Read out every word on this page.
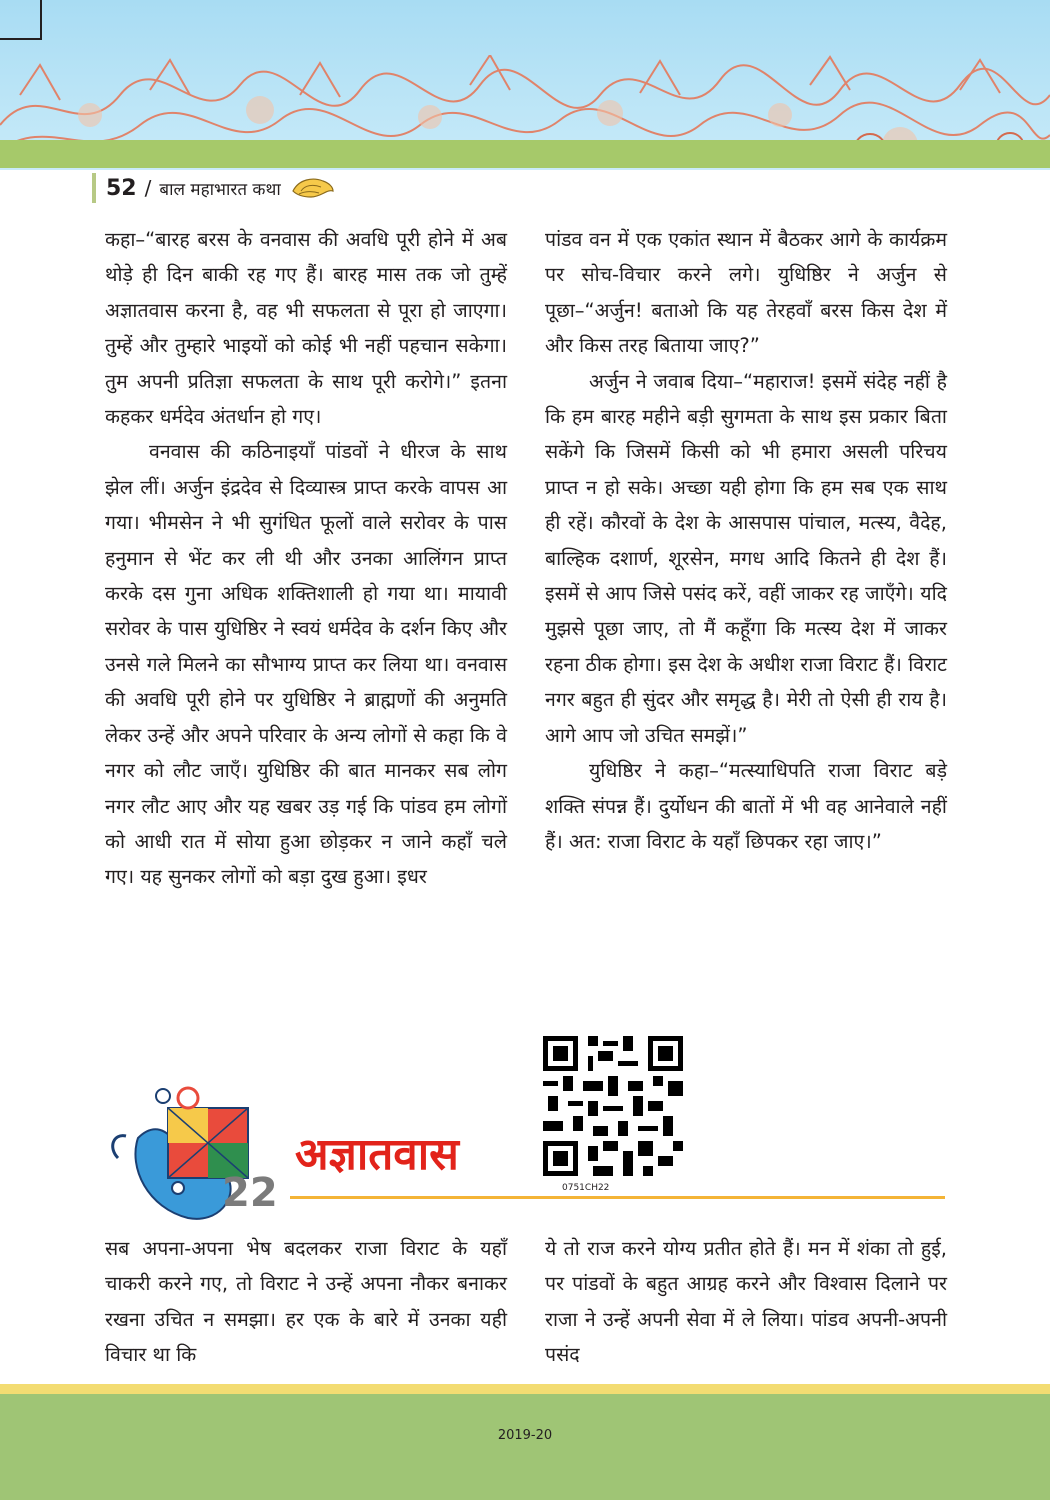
52 / बाल महाभारत कथा

कहा–“बारह बरस के वनवास की अवधि पूरी होने में अब थोड़े ही दिन बाकी रह गए हैं। बारह मास तक जो तुम्हें अज्ञातवास करना है, वह भी सफलता से पूरा हो जाएगा। तुम्हें और तुम्हारे भाइयों को कोई भी नहीं पहचान सकेगा। तुम अपनी प्रतिज्ञा सफलता के साथ पूरी करोगे।” इतना कहकर धर्मदेव अंतर्धान हो गए।

वनवास की कठिनाइयाँ पांडवों ने धीरज के साथ झेल लीं। अर्जुन इंद्रदेव से दिव्यास्त्र प्राप्त करके वापस आ गया। भीमसेन ने भी सुगंधित फूलों वाले सरोवर के पास हनुमान से भेंट कर ली थी और उनका आलिंगन प्राप्त करके दस गुना अधिक शक्तिशाली हो गया था। मायावी सरोवर के पास युधिष्ठिर ने स्वयं धर्मदेव के दर्शन किए और उनसे गले मिलने का सौभाग्य प्राप्त कर लिया था। वनवास की अवधि पूरी होने पर युधिष्ठिर ने ब्राह्मणों की अनुमति लेकर उन्हें और अपने परिवार के अन्य लोगों से कहा कि वे नगर को लौट जाएँ। युधिष्ठिर की बात मानकर सब लोग नगर लौट आए और यह खबर उड़ गई कि पांडव हम लोगों को आधी रात में सोया हुआ छोड़कर न जाने कहाँ चले गए। यह सुनकर लोगों को बड़ा दुख हुआ। इधर

पांडव वन में एक एकांत स्थान में बैठकर आगे के कार्यक्रम पर सोच-विचार करने लगे। युधिष्ठिर ने अर्जुन से पूछा–“अर्जुन! बताओ कि यह तेरहवाँ बरस किस देश में और किस तरह बिताया जाए?”

अर्जुन ने जवाब दिया–“महाराज! इसमें संदेह नहीं है कि हम बारह महीने बड़ी सुगमता के साथ इस प्रकार बिता सकेंगे कि जिसमें किसी को भी हमारा असली परिचय प्राप्त न हो सके। अच्छा यही होगा कि हम सब एक साथ ही रहें। कौरवों के देश के आसपास पांचाल, मत्स्य, वैदेह, बाल्हिक दशार्ण, शूरसेन, मगध आदि कितने ही देश हैं। इसमें से आप जिसे पसंद करें, वहीं जाकर रह जाएँगे। यदि मुझसे पूछा जाए, तो मैं कहूँगा कि मत्स्य देश में जाकर रहना ठीक होगा। इस देश के अधीश राजा विराट हैं। विराट नगर बहुत ही सुंदर और समृद्ध है। मेरी तो ऐसी ही राय है। आगे आप जो उचित समझें।”

युधिष्ठिर ने कहा–“मत्स्याधिपति राजा विराट बड़े शक्ति संपन्न हैं। दुर्योधन की बातों में भी वह आनेवाले नहीं हैं। अत: राजा विराट के यहाँ छिपकर रहा जाए।”

अज्ञातवास
22	0751CH22

सब अपना-अपना भेष बदलकर राजा विराट के यहाँ चाकरी करने गए, तो विराट ने उन्हें अपना नौकर बनाकर रखना उचित न समझा। हर एक के बारे में उनका यही विचार था कि

ये तो राज करने योग्य प्रतीत होते हैं। मन में शंका तो हुई, पर पांडवों के बहुत आग्रह करने और विश्वास दिलाने पर राजा ने उन्हें अपनी सेवा में ले लिया। पांडव अपनी-अपनी पसंद

2019-20
